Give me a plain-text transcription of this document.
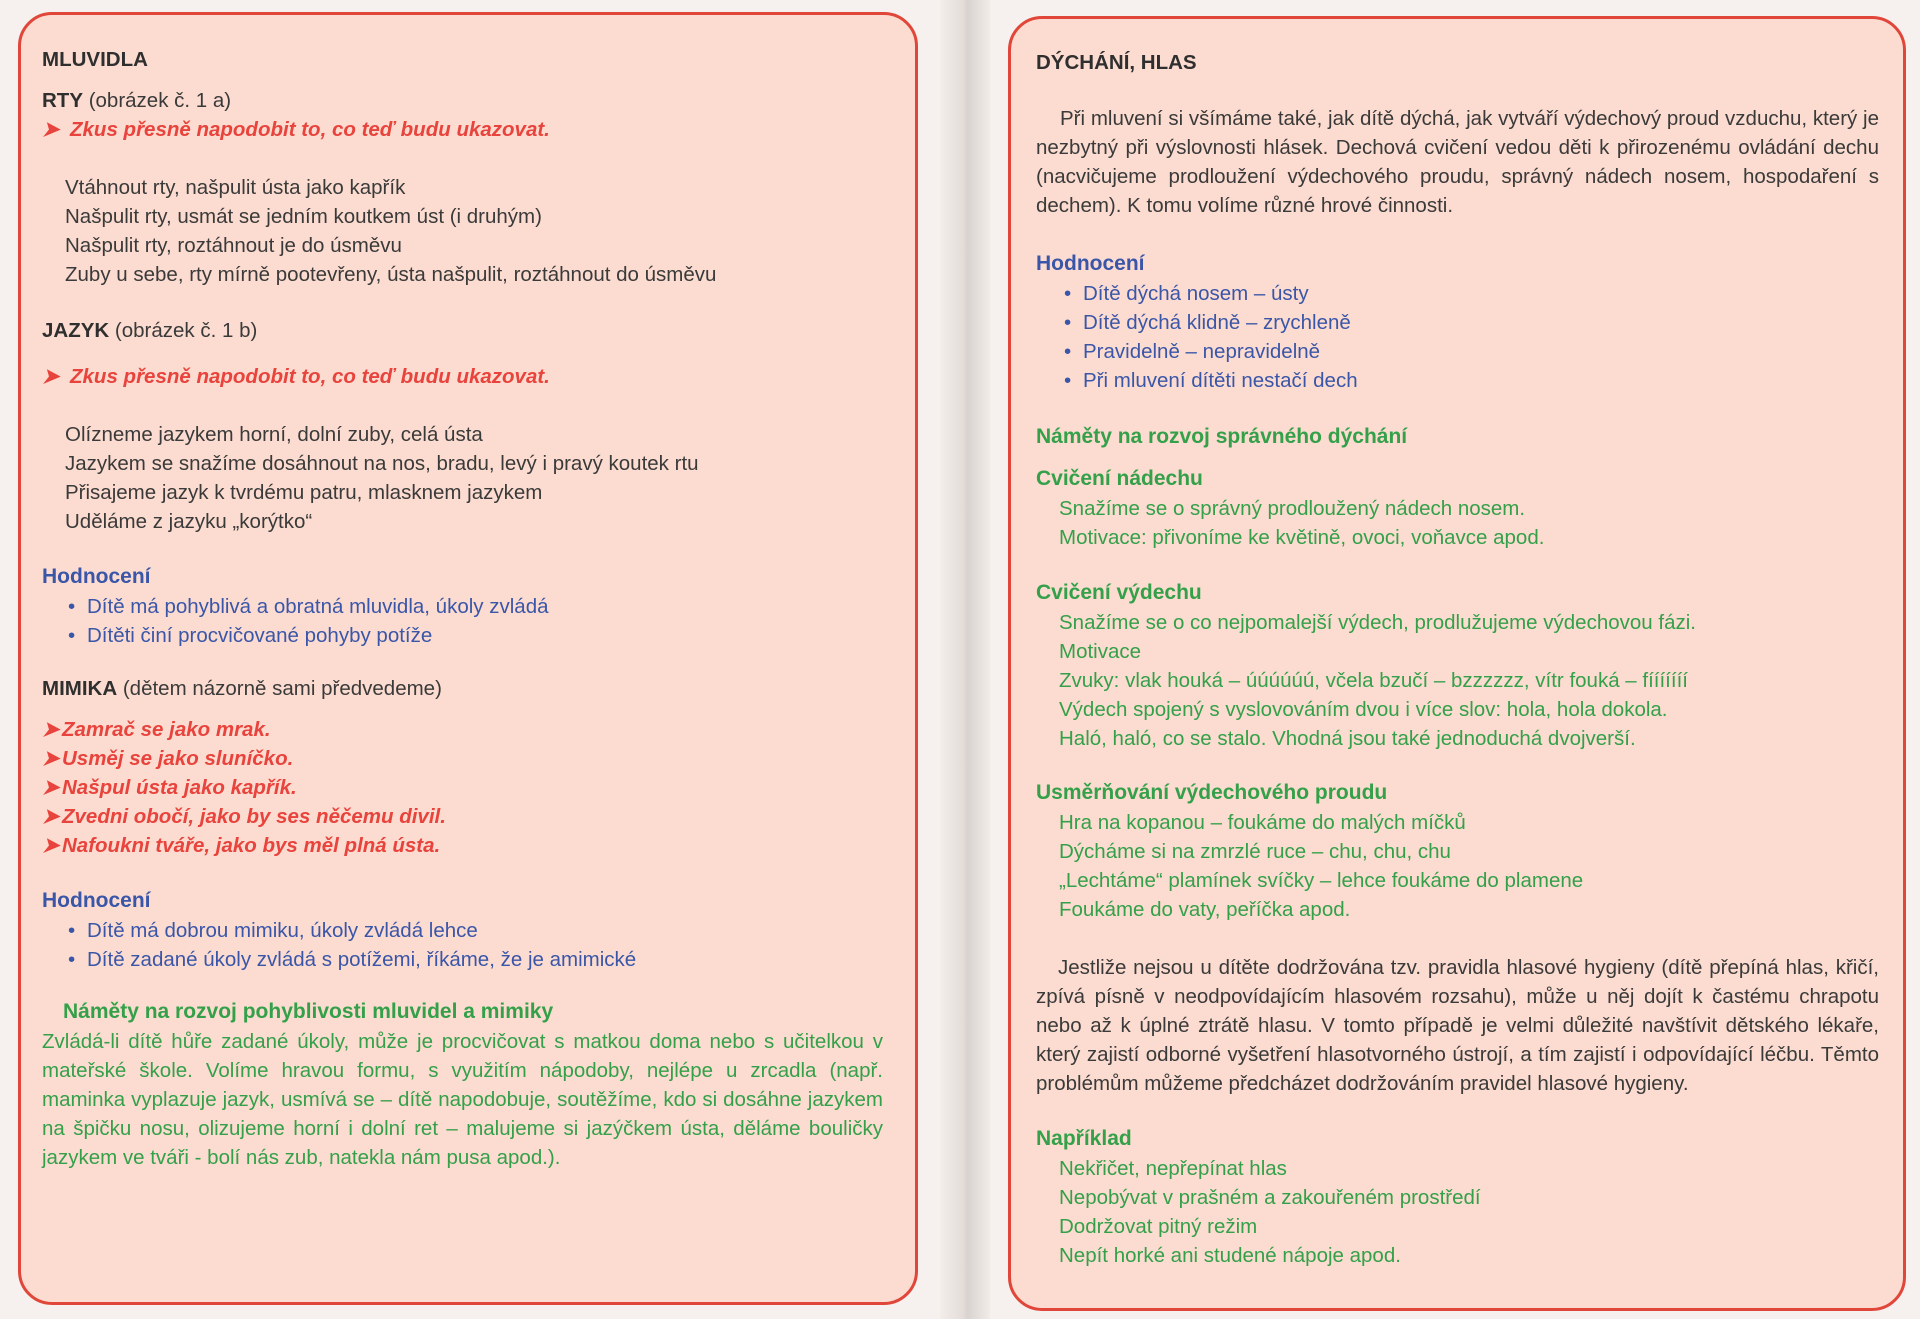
MLUVIDLA
RTY (obrázek č. 1 a)
➤ Zkus přesně napodobit to, co teď budu ukazovat.
Vtáhnout rty, našpulit ústa jako kapřík
Našpulit rty, usmát se jedním koutkem úst (i druhým)
Našpulit rty, roztáhnout je do úsměvu
Zuby u sebe, rty mírně pootevřeny, ústa našpulit, roztáhnout do úsměvu
JAZYK (obrázek č. 1 b)
➤ Zkus přesně napodobit to, co teď budu ukazovat.
Olízneme jazykem horní, dolní zuby, celá ústa
Jazykem se snažíme dosáhnout na nos, bradu, levý i pravý koutek rtu
Přisajeme jazyk k tvrdému patru, mlasknem jazykem
Uděláme z jazyku „korýtko“
Hodnocení
• Dítě má pohyblivá a obratná mluvidla, úkoly zvládá
• Dítěti činí procvičované pohyby potíže
MIMIKA (dětem názorně sami předvedeme)
➤ Zamrač se jako mrak.
➤ Usměj se jako sluníčko.
➤ Našpul ústa jako kapřík.
➤ Zvedni obočí, jako by ses něčemu divil.
➤ Nafoukni tváře, jako bys měl plná ústa.
Hodnocení
• Dítě má dobrou mimiku, úkoly zvládá lehce
• Dítě zadané úkoly zvládá s potížemi, říkáme, že je amimické
Náměty na rozvoj pohyblivosti mluvidel a mimiky

Zvládá-li dítě hůře zadané úkoly, může je procvičovat s matkou doma nebo s učitelkou v mateřské škole. Volíme hravou formu, s využitím nápodoby, nejlépe u zrcadla (např. maminka vyplazuje jazyk, usmívá se – dítě napodobuje, soutěžíme, kdo si dosáhne jazykem na špičku nosu, olizujeme horní i dolní ret – malujeme si jazýčkem ústa, děláme bouličky jazykem ve tváři - bolí nás zub, natekla nám pusa apod.).

DÝCHÁNÍ, HLAS

Při mluvení si všímáme také, jak dítě dýchá, jak vytváří výdechový proud vzduchu, který je nezbytný při výslovnosti hlásek. Dechová cvičení vedou děti k přirozenému ovládání dechu (nacvičujeme prodloužení výdechového proudu, správný nádech nosem, hospodaření s dechem). K tomu volíme různé hrové činnosti.

Hodnocení
• Dítě dýchá nosem – ústy
• Dítě dýchá klidně – zrychleně
• Pravidelně – nepravidelně
• Při mluvení dítěti nestačí dech
Náměty na rozvoj správného dýchání
Cvičení nádechu
Snažíme se o správný prodloužený nádech nosem.
Motivace: přivoníme ke květině, ovoci, voňavce apod.
Cvičení výdechu
Snažíme se o co nejpomalejší výdech, prodlužujeme výdechovou fázi.
Motivace
Zvuky: vlak houká – úúúúúú, včela bzučí – bzzzzzz, vítr fouká – fííííííí
Výdech spojený s vyslovováním dvou i více slov: hola, hola dokola.
Haló, haló, co se stalo. Vhodná jsou také jednoduchá dvojverší.
Usměrňování výdechového proudu
Hra na kopanou – foukáme do malých míčků
Dýcháme si na zmrzlé ruce – chu, chu, chu
„Lechtáme“ plamínek svíčky – lehce foukáme do plamene
Foukáme do vaty, peříčka apod.

Jestliže nejsou u dítěte dodržována tzv. pravidla hlasové hygieny (dítě přepíná hlas, křičí, zpívá písně v neodpovídajícím hlasovém rozsahu), může u něj dojít k častému chrapotu nebo až k úplné ztrátě hlasu. V tomto případě je velmi důležité navštívit dětského lékaře, který zajistí odborné vyšetření hlasotvorného ústrojí, a tím zajistí i odpovídající léčbu. Těmto problémům můžeme předcházet dodržováním pravidel hlasové hygieny.

Například
Nekřičet, nepřepínat hlas
Nepobývat v prašném a zakouřeném prostředí
Dodržovat pitný režim
Nepít horké ani studené nápoje apod.
